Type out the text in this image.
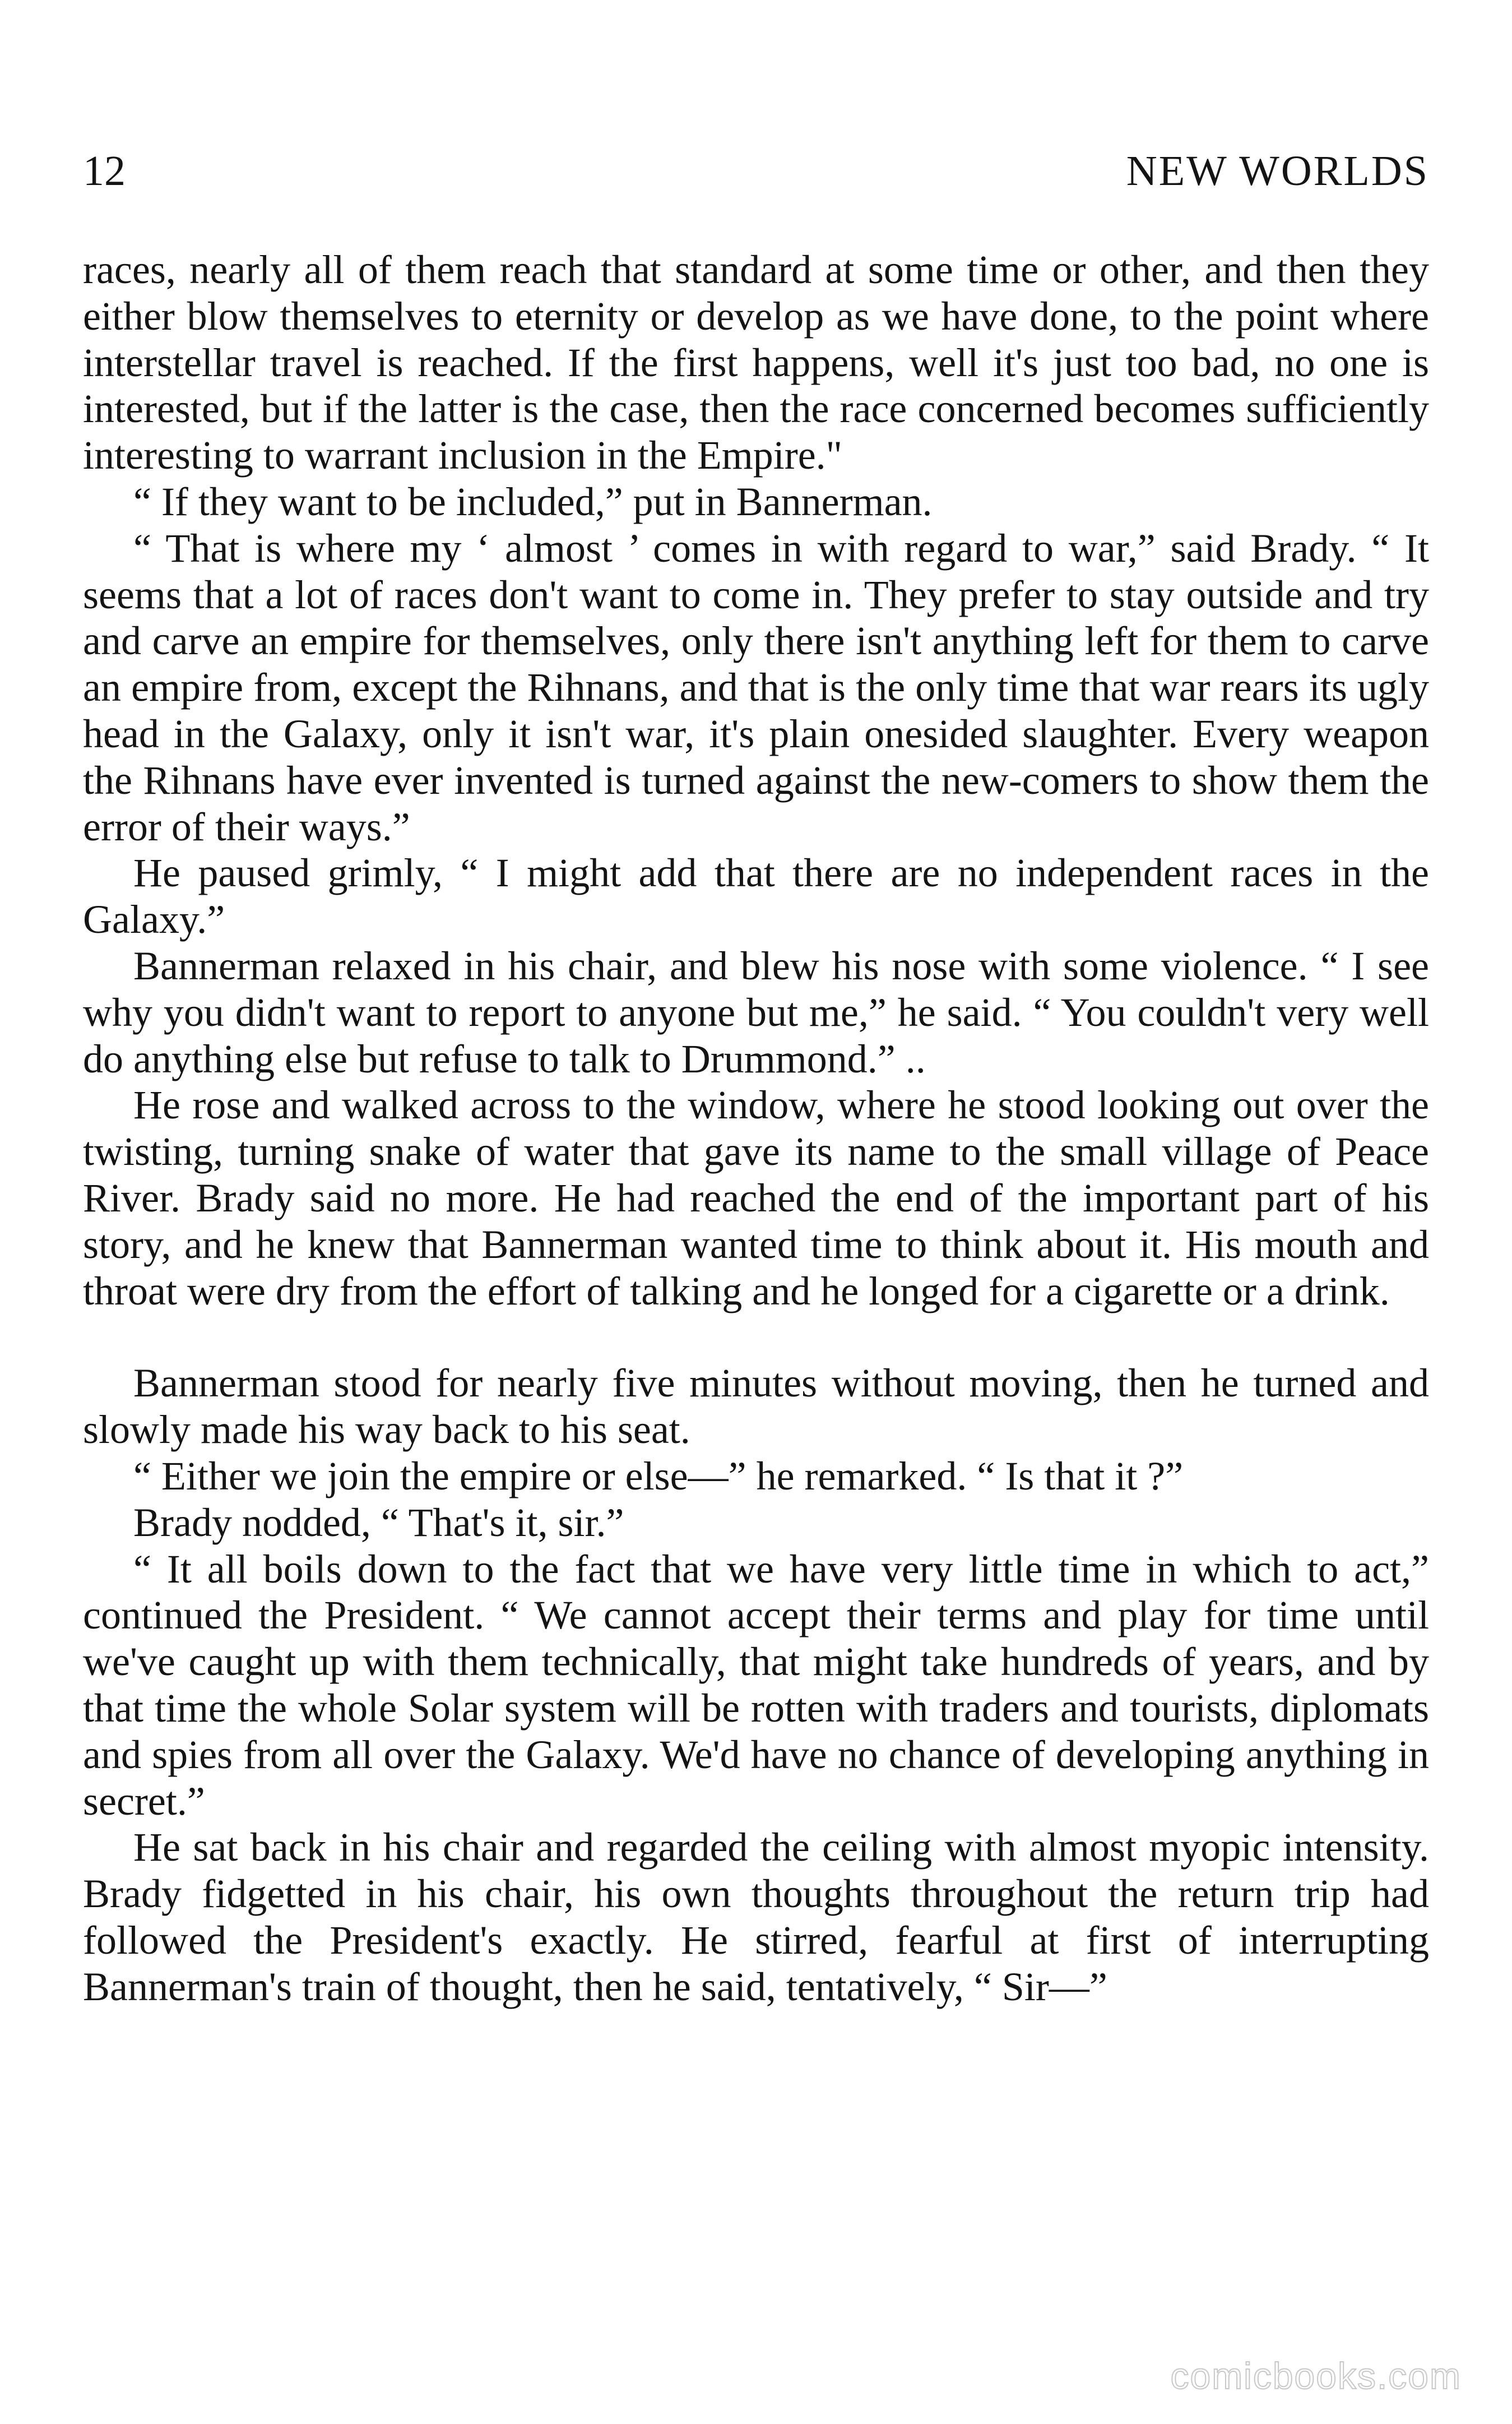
12	NEW WORLDS

races, nearly all of them reach that standard at some time or other, and then they either blow themselves to eternity or develop as we have done, to the point where interstellar travel is reached. If the first happens, well it's just too bad, no one is interested, but if the latter is the case, then the race concerned becomes sufficiently interesting to warrant inclusion in the Empire."

“ If they want to be included,” put in Bannerman.

“ That is where my ‘ almost ’ comes in with regard to war,” said Brady. “ It seems that a lot of races don't want to come in. They prefer to stay outside and try and carve an empire for themselves, only there isn't anything left for them to carve an empire from, except the Rihnans, and that is the only time that war rears its ugly head in the Galaxy, only it isn't war, it's plain onesided slaughter. Every weapon the Rihnans have ever invented is turned against the new-comers to show them the error of their ways.”

He paused grimly, “ I might add that there are no independent races in the Galaxy.”

Bannerman relaxed in his chair, and blew his nose with some violence. “ I see why you didn't want to report to anyone but me,” he said. “ You couldn't very well do anything else but refuse to talk to Drummond.” ..

He rose and walked across to the window, where he stood looking out over the twisting, turning snake of water that gave its name to the small village of Peace River. Brady said no more. He had reached the end of the important part of his story, and he knew that Bannerman wanted time to think about it. His mouth and throat were dry from the effort of talking and he longed for a cigarette or a drink.

Bannerman stood for nearly five minutes without moving, then he turned and slowly made his way back to his seat.

“ Either we join the empire or else—” he remarked. “ Is that it ?”

Brady nodded, “ That's it, sir.”

“ It all boils down to the fact that we have very little time in which to act,” continued the President. “ We cannot accept their terms and play for time until we've caught up with them technically, that might take hundreds of years, and by that time the whole Solar system will be rotten with traders and tourists, diplomats and spies from all over the Galaxy. We'd have no chance of developing anything in secret.”

He sat back in his chair and regarded the ceiling with almost myopic intensity. Brady fidgetted in his chair, his own thoughts throughout the return trip had followed the President's exactly. He stirred, fearful at first of interrupting Bannerman's train of thought, then he said, tentatively, “ Sir—”

comicbooks.com
